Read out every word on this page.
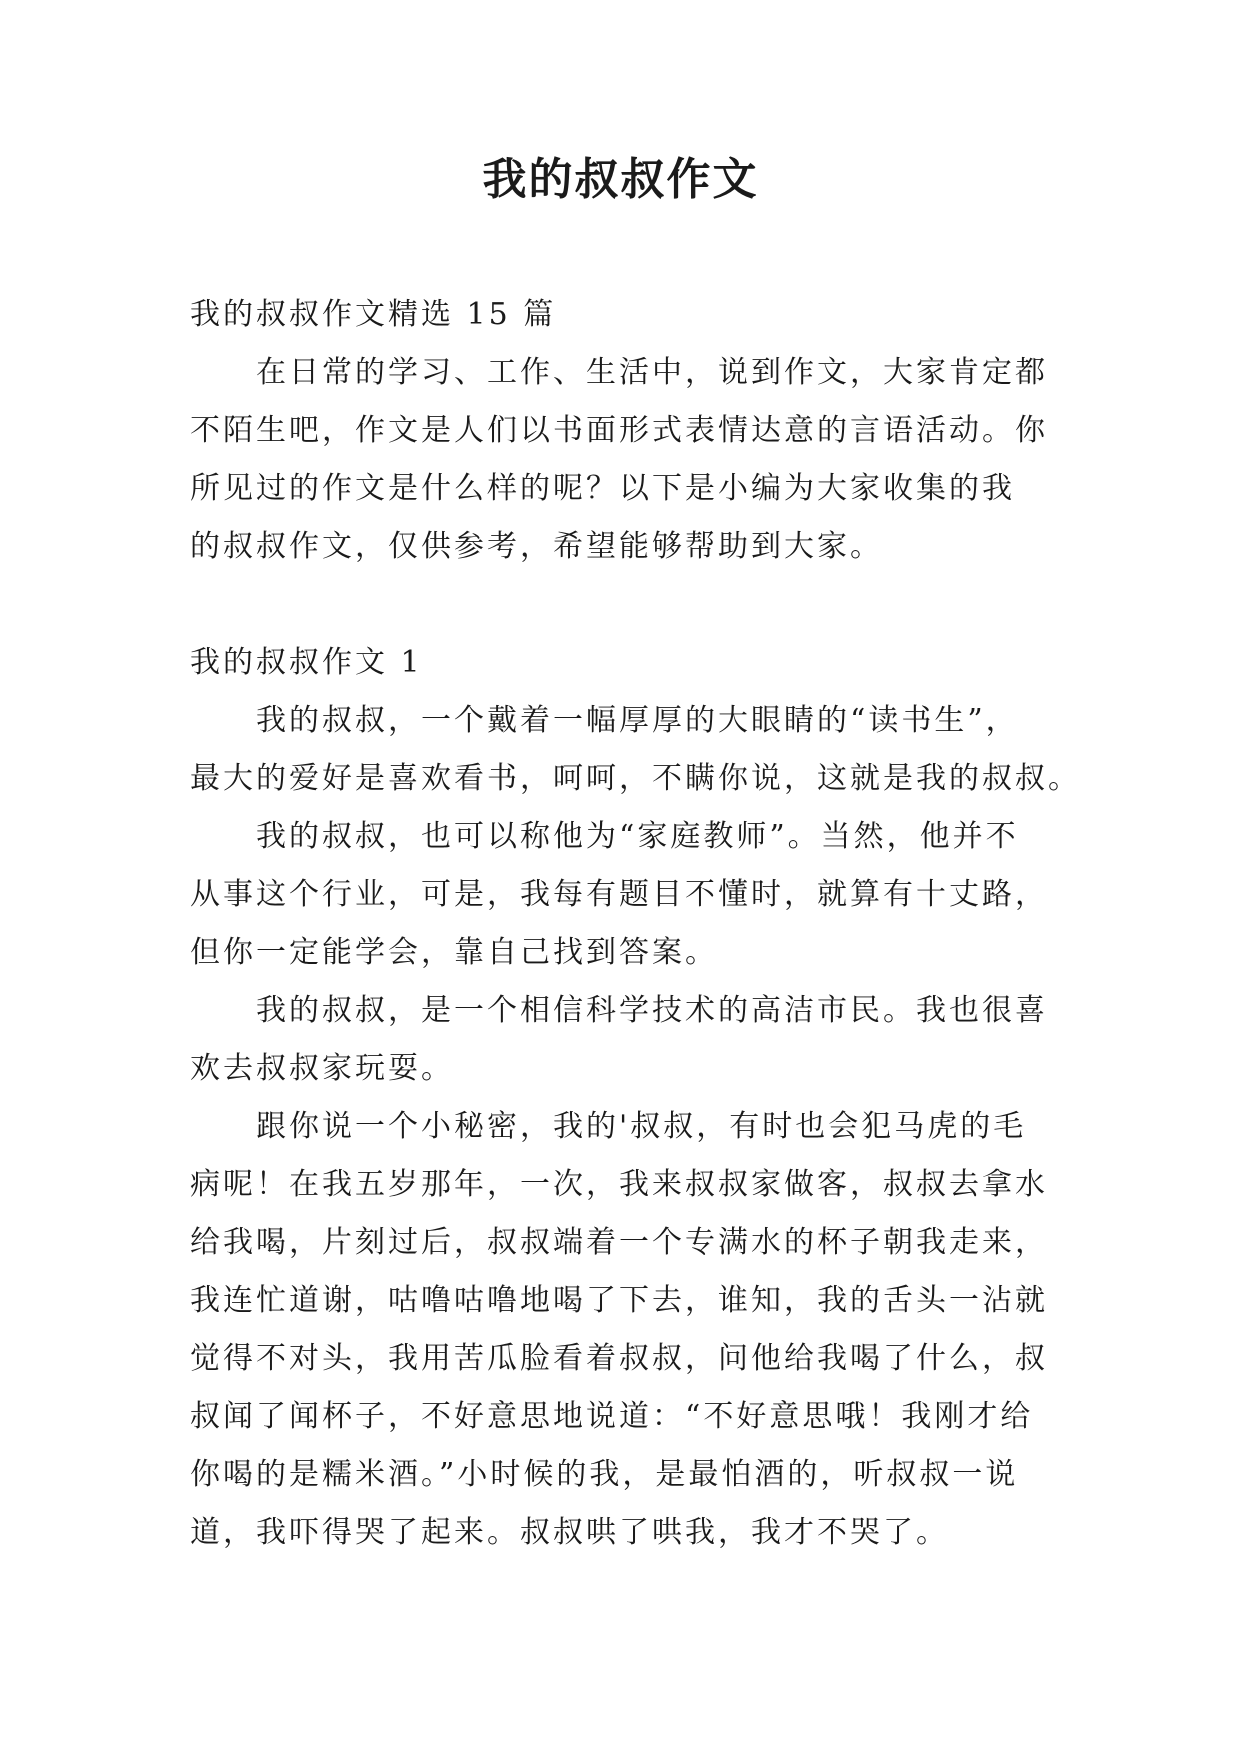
我的叔叔作文
我的叔叔作文精选 15 篇
在日常的学习、工作、生活中，说到作文，大家肯定都
不陌生吧，作文是人们以书面形式表情达意的言语活动。你
所见过的作文是什么样的呢？以下是小编为大家收集的我
的叔叔作文，仅供参考，希望能够帮助到大家。
我的叔叔作文 1
我的叔叔，一个戴着一幅厚厚的大眼睛的“读书生”，
最大的爱好是喜欢看书，呵呵，不瞒你说，这就是我的叔叔。
我的叔叔，也可以称他为“家庭教师”。当然，他并不
从事这个行业，可是，我每有题目不懂时，就算有十丈路，
但你一定能学会，靠自己找到答案。
我的叔叔，是一个相信科学技术的高洁市民。我也很喜
欢去叔叔家玩耍。
跟你说一个小秘密，我的'叔叔，有时也会犯马虎的毛
病呢！在我五岁那年，一次，我来叔叔家做客，叔叔去拿水
给我喝，片刻过后，叔叔端着一个专满水的杯子朝我走来，
我连忙道谢，咕噜咕噜地喝了下去，谁知，我的舌头一沾就
觉得不对头，我用苦瓜脸看着叔叔，问他给我喝了什么，叔
叔闻了闻杯子，不好意思地说道：“不好意思哦！我刚才给
你喝的是糯米酒。”小时候的我，是最怕酒的，听叔叔一说
道，我吓得哭了起来。叔叔哄了哄我，我才不哭了。
